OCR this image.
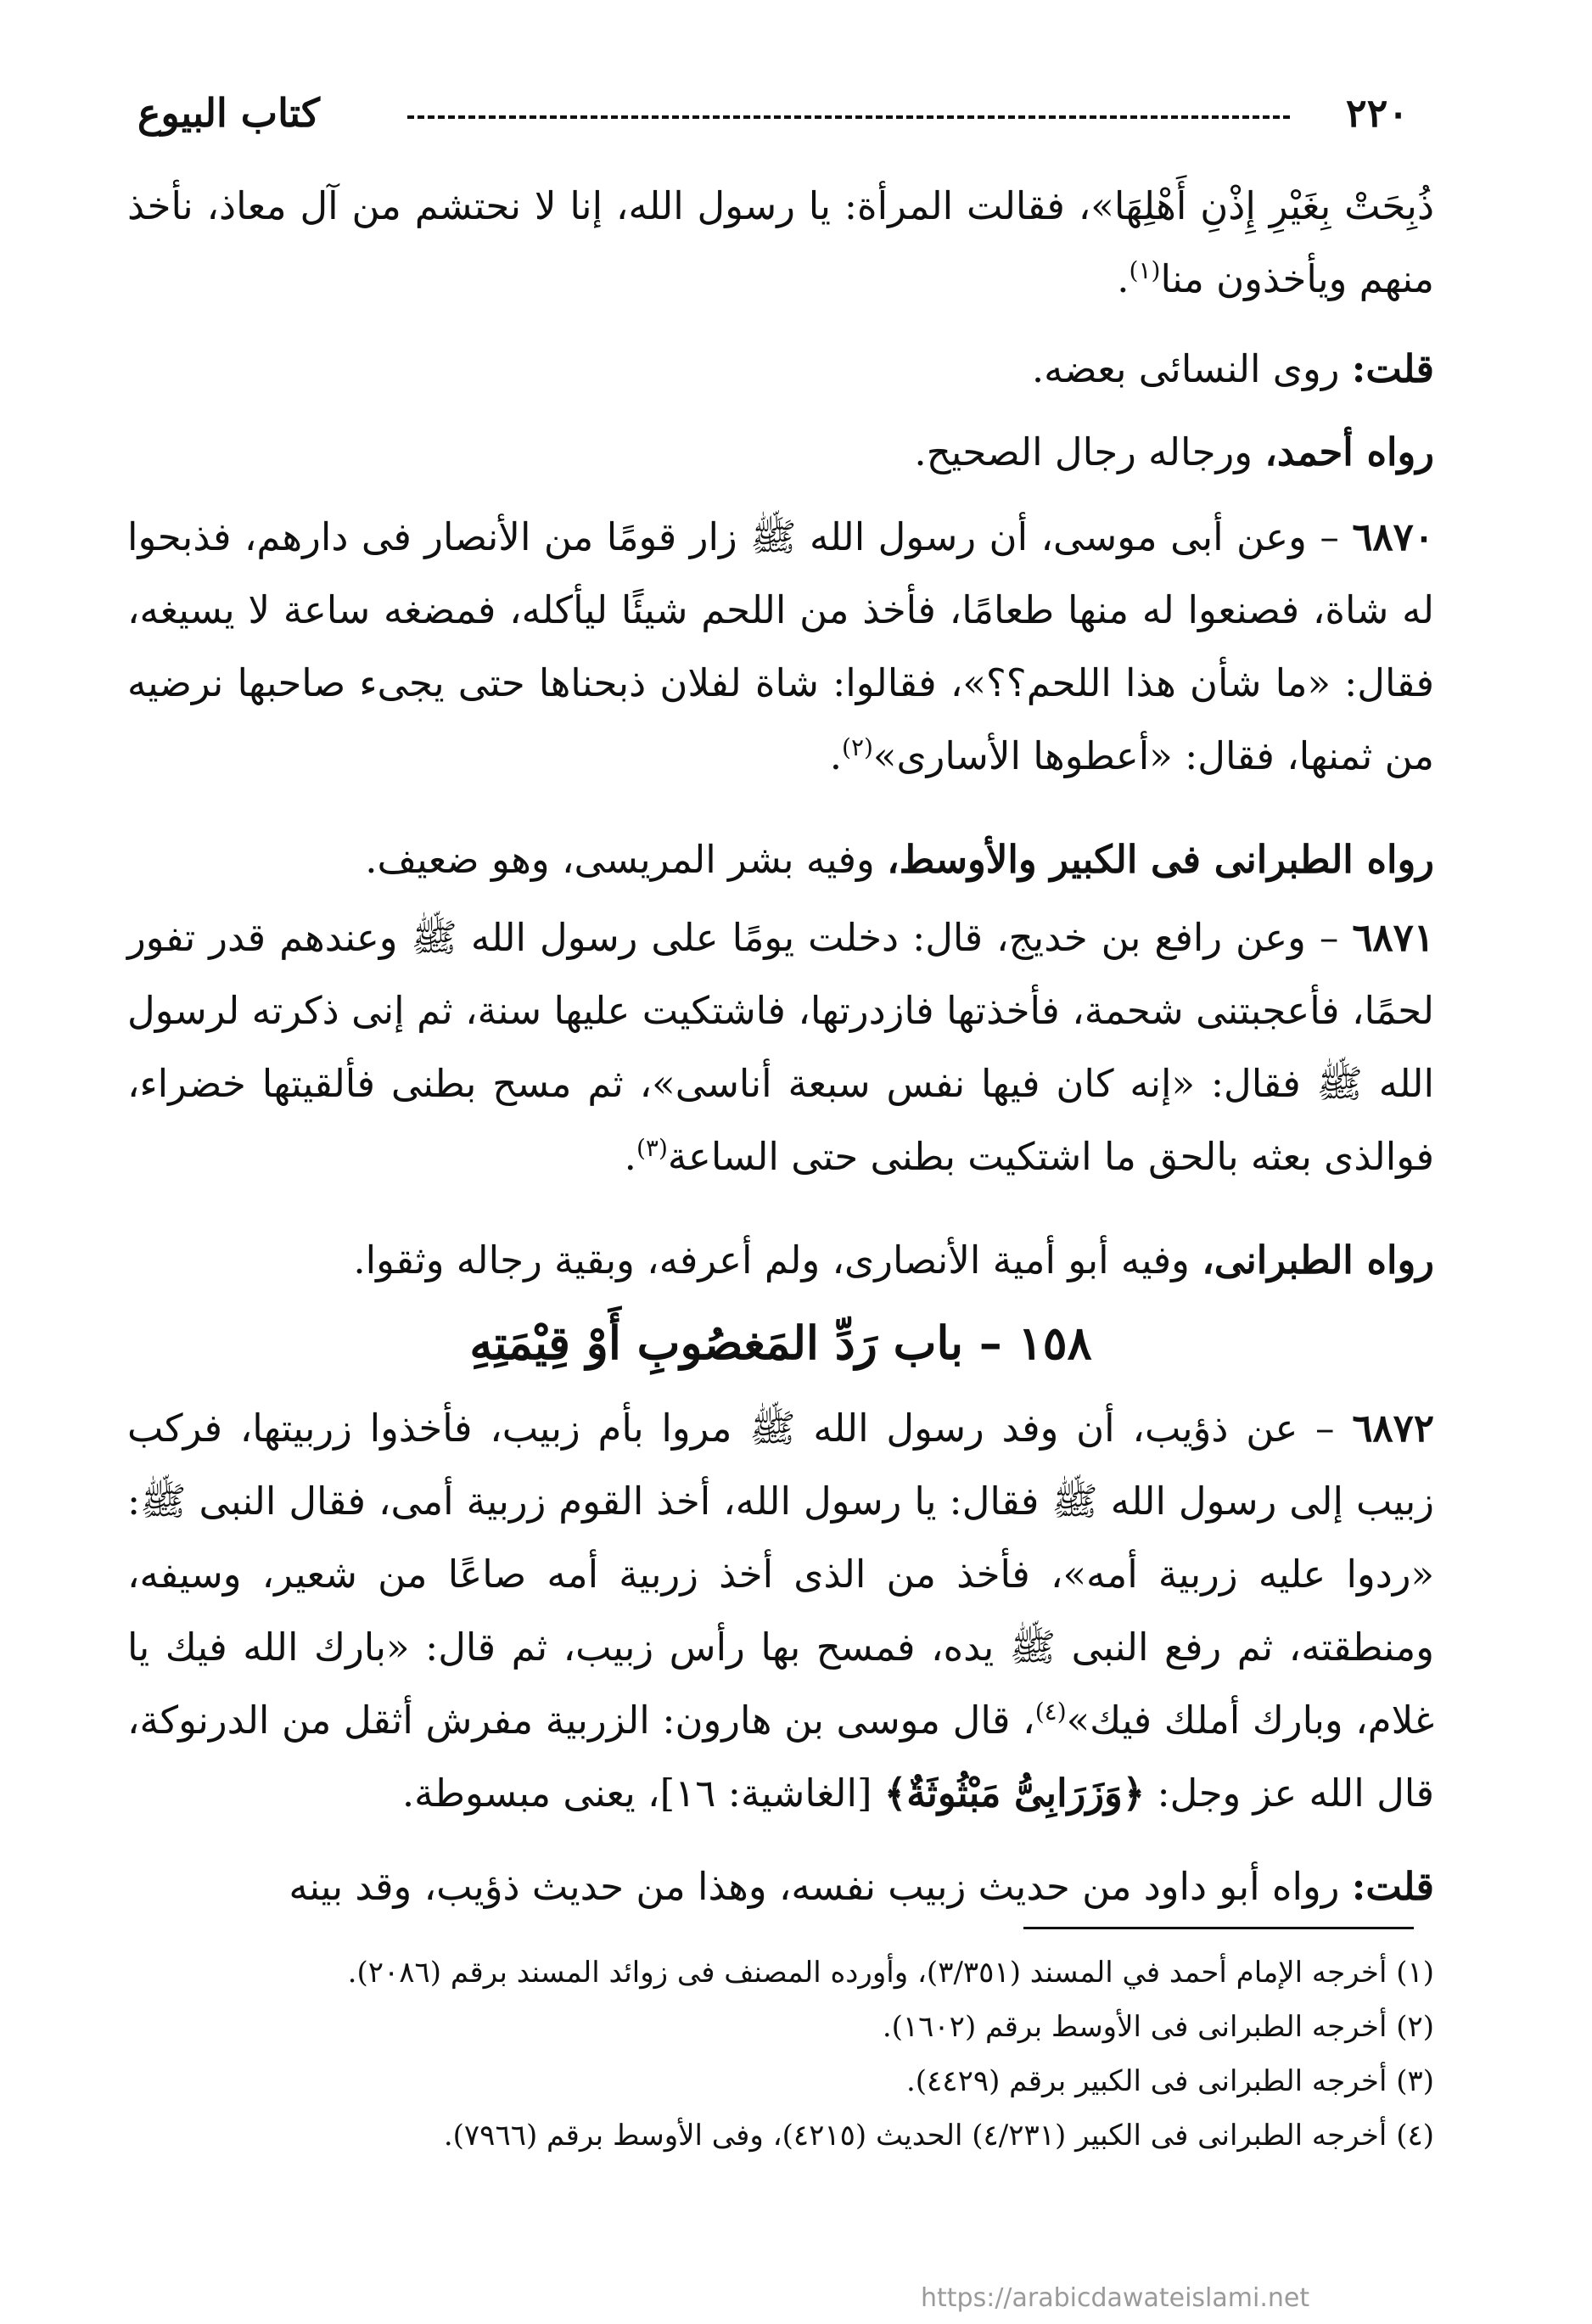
٢٢٠
كتاب البيوع
ذُبِحَتْ بِغَيْرِ إِذْنِ أَهْلِهَا»، فقالت المرأة: يا رسول الله، إنا لا نحتشم من آل معاذ، نأخذ منهم ويأخذون منا$^{(١)}$.
قلت: روى النسائى بعضه.
رواه أحمد، ورجاله رجال الصحيح.
٦٨٧٠ – وعن أبى موسى، أن رسول الله ﷺ زار قومًا من الأنصار فى دارهم، فذبحوا له شاة، فصنعوا له منها طعامًا، فأخذ من اللحم شيئًا ليأكله، فمضغه ساعة لا يسيغه، فقال: «ما شأن هذا اللحم؟؟»، فقالوا: شاة لفلان ذبحناها حتى يجىء صاحبها نرضيه من ثمنها، فقال: «أعطوها الأسارى»$^{(٢)}$.
رواه الطبرانى فى الكبير والأوسط، وفيه بشر المريسى، وهو ضعيف.
٦٨٧١ – وعن رافع بن خديج، قال: دخلت يومًا على رسول الله ﷺ وعندهم قدر تفور لحمًا، فأعجبتنى شحمة، فأخذتها فازدرتها، فاشتكيت عليها سنة، ثم إنى ذكرته لرسول الله ﷺ فقال: «إنه كان فيها نفس سبعة أناسى»، ثم مسح بطنى فألقيتها خضراء، فوالذى بعثه بالحق ما اشتكيت بطنى حتى الساعة$^{(٣)}$.
رواه الطبرانى، وفيه أبو أمية الأنصارى، ولم أعرفه، وبقية رجاله وثقوا.
١٥٨ – باب رَدِّ المَغصُوبِ أَوْ قِيْمَتِهِ
٦٨٧٢ – عن ذؤيب، أن وفد رسول الله ﷺ مروا بأم زبيب، فأخذوا زربيتها، فركب زبيب إلى رسول الله ﷺ فقال: يا رسول الله، أخذ القوم زربية أمى، فقال النبى ﷺ: «ردوا عليه زربية أمه»، فأخذ من الذى أخذ زربية أمه صاعًا من شعير، وسيفه، ومنطقته، ثم رفع النبى ﷺ يده، فمسح بها رأس زبيب، ثم قال: «بارك الله فيك يا غلام، وبارك أملك فيك»$^{(٤)}$، قال موسى بن هارون: الزربية مفرش أثقل من الدرنوكة، قال الله عز وجل: ﴿وَزَرَابِىُّ مَبْثُوثَةٌ﴾ [الغاشية: ١٦]، يعنى مبسوطة.
قلت: رواه أبو داود من حديث زبيب نفسه، وهذا من حديث ذؤيب، وقد بينه
(١) أخرجه الإمام أحمد في المسند (٣/٣٥١)، وأورده المصنف فى زوائد المسند برقم (٢٠٨٦).
(٢) أخرجه الطبرانى فى الأوسط برقم (١٦٠٢).
(٣) أخرجه الطبرانى فى الكبير برقم (٤٤٢٩).
(٤) أخرجه الطبرانى فى الكبير (٤/٢٣١) الحديث (٤٢١٥)، وفى الأوسط برقم (٧٩٦٦).
https://arabicdawateislami.net
